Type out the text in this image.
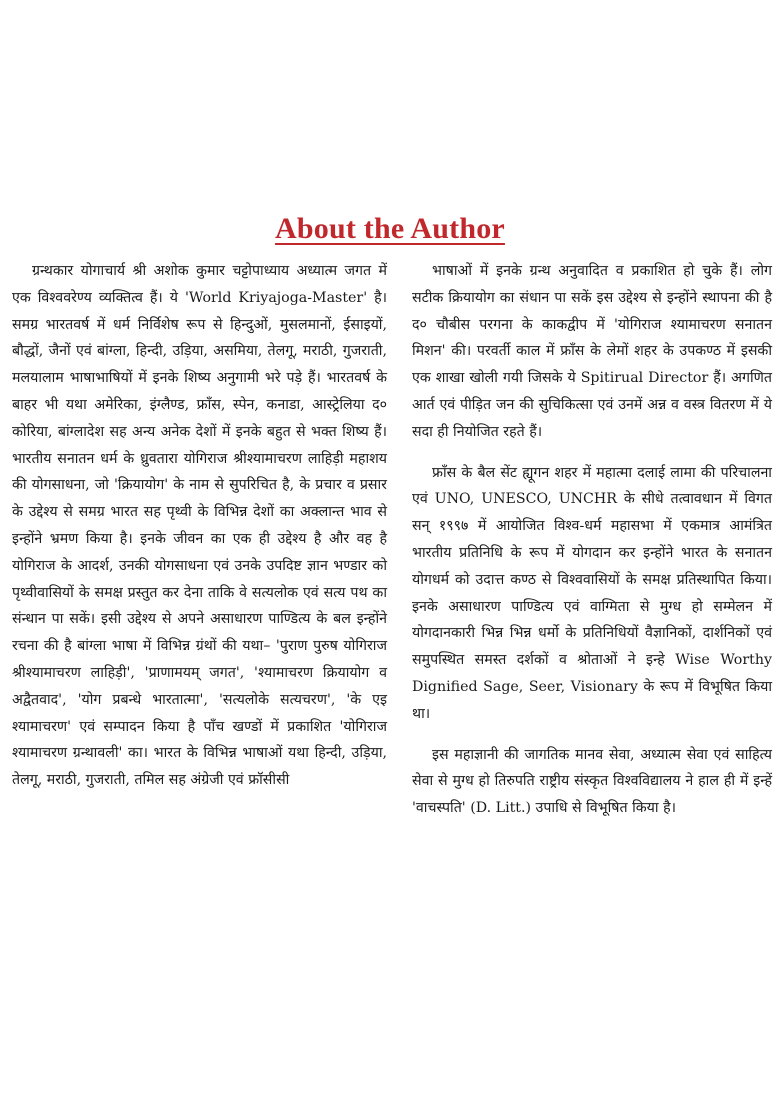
About the Author

ग्रन्थकार योगाचार्य श्री अशोक कुमार चट्टोपाध्याय अध्यात्म जगत में एक विश्ववरेण्य व्यक्तित्व हैं। ये 'World Kriyajoga-Master' है। समग्र भारतवर्ष में धर्म निर्विशेष रूप से हिन्दुओं, मुसलमानों, ईसाइयों, बौद्धों, जैनों एवं बांग्ला, हिन्दी, उड़िया, असमिया, तेलगू, मराठी, गुजराती, मलयालाम भाषाभाषियों में इनके शिष्य अनुगामी भरे पड़े हैं। भारतवर्ष के बाहर भी यथा अमेरिका, इंग्लैण्ड, फ्राँस, स्पेन, कनाडा, आस्ट्रेलिया द० कोरिया, बांग्लादेश सह अन्य अनेक देशों में इनके बहुत से भक्त शिष्य हैं। भारतीय सनातन धर्म के ध्रुवतारा योगिराज श्रीश्यामाचरण लाहिड़ी महाशय की योगसाधना, जो 'क्रियायोग' के नाम से सुपरिचित है, के प्रचार व प्रसार के उद्देश्य से समग्र भारत सह पृथ्वी के विभिन्न देशों का अक्लान्त भाव से इन्होंने भ्रमण किया है। इनके जीवन का एक ही उद्देश्य है और वह है योगिराज के आदर्श, उनकी योगसाधना एवं उनके उपदिष्ट ज्ञान भण्डार को पृथ्वीवासियों के समक्ष प्रस्तुत कर देना ताकि वे सत्यलोक एवं सत्य पथ का संन्धान पा सकें। इसी उद्देश्य से अपने असाधारण पाण्डित्य के बल इन्होंने रचना की है बांग्ला भाषा में विभिन्न ग्रंथों की यथा– 'पुराण पुरुष योगिराज श्रीश्यामाचरण लाहिड़ी', 'प्राणामयम् जगत', 'श्यामाचरण क्रियायोग व अद्वैतवाद', 'योग प्रबन्धे भारतात्मा', 'सत्यलोके सत्यचरण', 'के एइ श्यामाचरण' एवं सम्पादन किया है पाँच खण्डों में प्रकाशित 'योगिराज श्यामाचरण ग्रन्थावली' का। भारत के विभिन्न भाषाओं यथा हिन्दी, उड़िया, तेलगू, मराठी, गुजराती, तमिल सह अंग्रेजी एवं फ्रॉसीसी

भाषाओं में इनके ग्रन्थ अनुवादित व प्रकाशित हो चुके हैं। लोग सटीक क्रियायोग का संधान पा सकें इस उद्देश्य से इन्होंने स्थापना की है द० चौबीस परगना के काकद्वीप में 'योगिराज श्यामाचरण सनातन मिशन' की। परवर्ती काल में फ्राँस के लेमों शहर के उपकण्ठ में इसकी एक शाखा खोली गयी जिसके ये Spitirual Director हैं। अगणित आर्त एवं पीड़ित जन की सुचिकित्सा एवं उनमें अन्न व वस्त्र वितरण में ये सदा ही नियोजित रहते हैं।

फ्राँस के बैल सेंट ह्यूगन शहर में महात्मा दलाई लामा की परिचालना एवं UNO, UNESCO, UNCHR के सीधे तत्वावधान में विगत सन् १९९७ में आयोजित विश्व-धर्म महासभा में एकमात्र आमंत्रित भारतीय प्रतिनिधि के रूप में योगदान कर इन्होंने भारत के सनातन योगधर्म को उदात्त कण्ठ से विश्ववासियों के समक्ष प्रतिस्थापित किया। इनके असाधारण पाण्डित्य एवं वाग्मिता से मुग्ध हो सम्मेलन में योगदानकारी भिन्न भिन्न धर्मो के प्रतिनिधियों वैज्ञानिकों, दार्शनिकों एवं समुपस्थित समस्त दर्शकों व श्रोताओं ने इन्हे Wise Worthy Dignified Sage, Seer, Visionary के रूप में विभूषित किया था।

इस महाज्ञानी की जागतिक मानव सेवा, अध्यात्म सेवा एवं साहित्य सेवा से मुग्ध हो तिरुपति राष्ट्रीय संस्कृत विश्वविद्यालय ने हाल ही में इन्हें 'वाचस्पति' (D. Litt.) उपाधि से विभूषित किया है।
